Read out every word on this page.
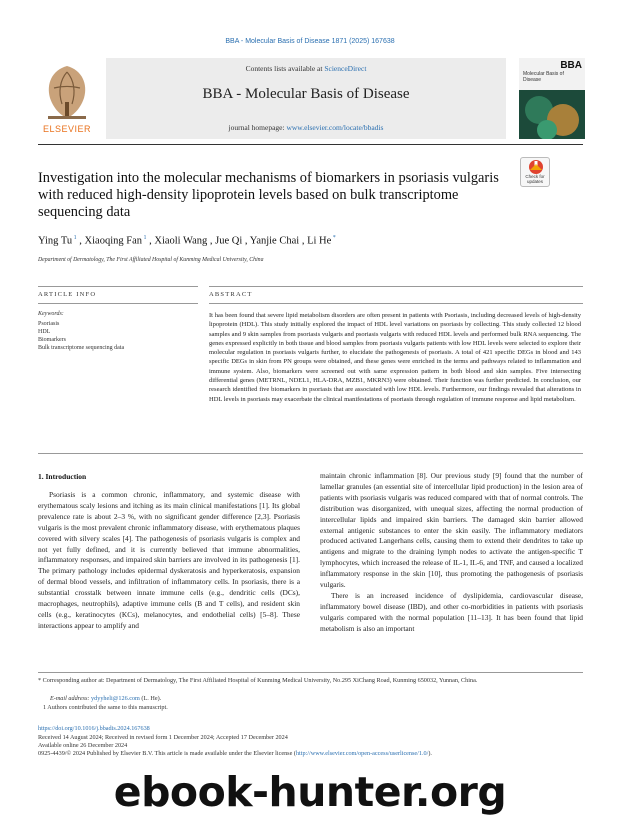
BBA - Molecular Basis of Disease 1871 (2025) 167638
ELSEVIER
Contents lists available at ScienceDirect
BBA - Molecular Basis of Disease
journal homepage: www.elsevier.com/locate/bbadis
BBA
Molecular Basis of Disease
Check for updates
Investigation into the molecular mechanisms of biomarkers in psoriasis vulgaris with reduced high-density lipoprotein levels based on bulk transcriptome sequencing data
Ying Tu $^1$ , Xiaoqing Fan $^1$ , Xiaoli Wang , Jue Qi , Yanjie Chai , Li He *
Department of Dermatology, The First Affiliated Hospital of Kunming Medical University, China
ARTICLE INFO
Keywords:
Psoriasis
HDL
Biomarkers
Bulk transcriptome sequencing data
ABSTRACT
It has been found that severe lipid metabolism disorders are often present in patients with Psoriasis, including decreased levels of high-density lipoprotein (HDL). This study initially explored the impact of HDL level variations on psoriasis by collecting. This study collected 12 blood samples and 9 skin samples from psoriasis vulgaris and psoriasis vulgaris with reduced HDL levels and performed bulk RNA sequencing. The genes expressed explicitly in both tissue and blood samples from psoriasis vulgaris patients with low HDL levels were selected to explore their molecular regulation in psoriasis vulgaris further, to elucidate the pathogenesis of psoriasis. A total of 421 specific DEGs in blood and 143 specific DEGs in skin from PN groups were obtained, and these genes were enriched in the terms and pathways related to inflammation and immune system. Also, biomarkers were screened out with same expression pattern in both blood and skin samples. Five intersecting differential genes (METRNL, NDEL1, HLA-DRA, MZB1, MKRN3) were obtained. Their function was further predicted. In conclusion, our research identified five biomarkers in psoriasis that are associated with low HDL levels. Furthermore, our findings revealed that alterations in HDL levels in psoriasis may exacerbate the clinical manifestations of psoriasis through regulation of immune response and lipid metabolism.
1. Introduction

Psoriasis is a common chronic, inflammatory, and systemic disease with erythematous scaly lesions and itching as its main clinical manifestations [1]. Its global prevalence rate is about 2–3 %, with no significant gender difference [2,3]. Psoriasis vulgaris is the most prevalent chronic inflammatory disease, with erythematous plaques covered with silvery scales [4]. The pathogenesis of psoriasis vulgaris is complex and not yet fully defined, and it is currently believed that immune abnormalities, inflammatory responses, and impaired skin barriers are involved in its pathogenesis [1]. The primary pathology includes epidermal dyskeratosis and hyperkeratosis, expansion of dermal blood vessels, and infiltration of inflammatory cells. In psoriasis, there is a substantial crosstalk between innate immune cells (e.g., dendritic cells (DCs), macrophages, neutrophils), adaptive immune cells (B and T cells), and resident skin cells (e.g., keratinocytes (KCs), melanocytes, and endothelial cells) [5–8]. These interactions appear to amplify and

maintain chronic inflammation [8]. Our previous study [9] found that the number of lamellar granules (an essential site of intercellular lipid production) in the lesion area of patients with psoriasis vulgaris was reduced compared with that of normal controls. The distribution was disorganized, with unequal sizes, affecting the normal production of intercellular lipids and impaired skin barriers. The damaged skin barrier allowed external antigenic substances to enter the skin easily. The inflammatory mediators produced activated Langerhans cells, causing them to extend their dendrites to take up antigens and migrate to the draining lymph nodes to activate the antigen-specific T lymphocytes, which increased the release of IL-1, IL-6, and TNF, and caused a localized inflammatory response in the skin [10], thus promoting the pathogenesis of psoriasis vulgaris.

There is an increased incidence of dyslipidemia, cardiovascular disease, inflammatory bowel disease (IBD), and other co-morbidities in patients with psoriasis vulgaris compared with the normal population [11–13]. It has been found that lipid metabolism is also an important

* Corresponding author at: Department of Dermatology, The First Affiliated Hospital of Kunming Medical University, No.295 XiChang Road, Kunming 650032, Yunnan, China.
E-mail address: ydyyheli@126.com (L. He).
1 Authors contributed the same to this manuscript.
https://doi.org/10.1016/j.bbadis.2024.167638
Received 14 August 2024; Received in revised form 1 December 2024; Accepted 17 December 2024
Available online 26 December 2024
0925-4439/© 2024 Published by Elsevier B.V. This article is made available under the Elsevier license (http://www.elsevier.com/open-access/userlicense/1.0/).
ebook-hunter.org
